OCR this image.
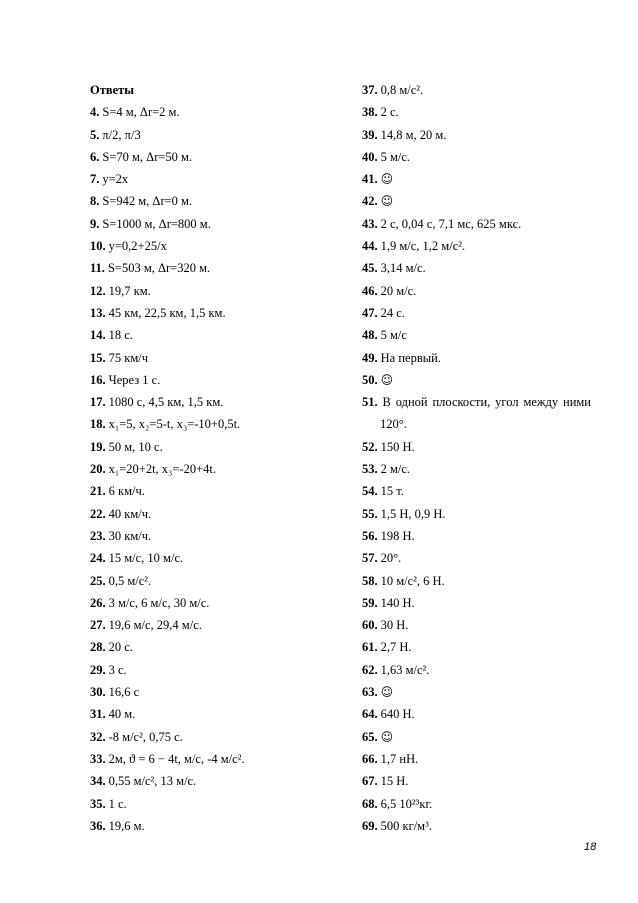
Ответы
4. S=4 м, Δr=2 м.
5. π/2, π/3
6. S=70 м, Δr=50 м.
7. y=2x
8. S=942 м, Δr=0 м.
9. S=1000 м, Δr=800 м.
10. y=0,2+25/x
11. S=503 м, Δr=320 м.
12. 19,7 км.
13. 45 км, 22,5 км, 1,5 км.
14. 18 с.
15. 75 км/ч
16. Через 1 с.
17. 1080 с, 4,5 км, 1,5 км.
18. x₁=5, x₂=5-t, x₃=-10+0,5t.
19. 50 м, 10 с.
20. x₁=20+2t, x₃=-20+4t.
21. 6 км/ч.
22. 40 км/ч.
23. 30 км/ч.
24. 15 м/с, 10 м/с.
25. 0,5 м/с².
26. 3 м/с, 6 м/с, 30 м/с.
27. 19,6 м/с, 29,4 м/с.
28. 20 с.
29. 3 с.
30. 16,6 с
31. 40 м.
32. -8 м/с², 0,75 с.
33. 2м, ϑ = 6 − 4t, м/с, -4 м/с².
34. 0,55 м/с², 13 м/с.
35. 1 с.
36. 19,6 м.
37. 0,8 м/с².
38. 2 с.
39. 14,8 м, 20 м.
40. 5 м/с.
41. ☺
42. ☺
43. 2 с, 0,04 с, 7,1 мс, 625 мкс.
44. 1,9 м/с, 1,2 м/с².
45. 3,14 м/с.
46. 20 м/с.
47. 24 с.
48. 5 м/с
49. На первый.
50. ☺
51. В одной плоскости, угол между ними
120°.
52. 150 Н.
53. 2 м/с.
54. 15 т.
55. 1,5 Н, 0,9 Н.
56. 198 Н.
57. 20°.
58. 10 м/с², 6 Н.
59. 140 Н.
60. 30 Н.
61. 2,7 Н.
62. 1,63 м/с².
63. ☺
64. 640 Н.
65. ☺
66. 1,7 нН.
67. 15 Н.
68. 6,5 10²³кг.
69. 500 кг/м³.
18
